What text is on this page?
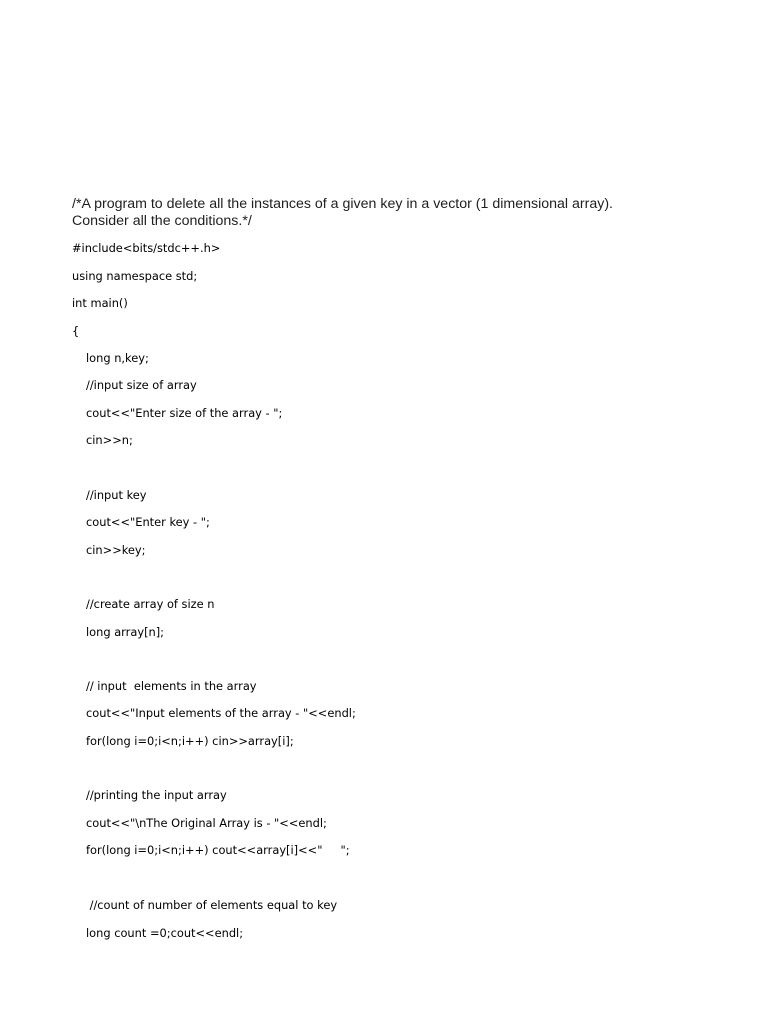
/*A program to delete all the instances of a given key in a vector (1 dimensional array).
Consider all the conditions.*/
#include<bits/stdc++.h>
using namespace std;
int main()
{
long n,key;
//input size of array
cout<<"Enter size of the array - ";
cin>>n;
//input key
cout<<"Enter key - ";
cin>>key;
//create array of size n
long array[n];
// input  elements in the array
cout<<"Input elements of the array - "<<endl;
for(long i=0;i<n;i++) cin>>array[i];
//printing the input array
cout<<"\nThe Original Array is - "<<endl;
for(long i=0;i<n;i++) cout<<array[i]<<"     ";
//count of number of elements equal to key
long count =0;cout<<endl;
